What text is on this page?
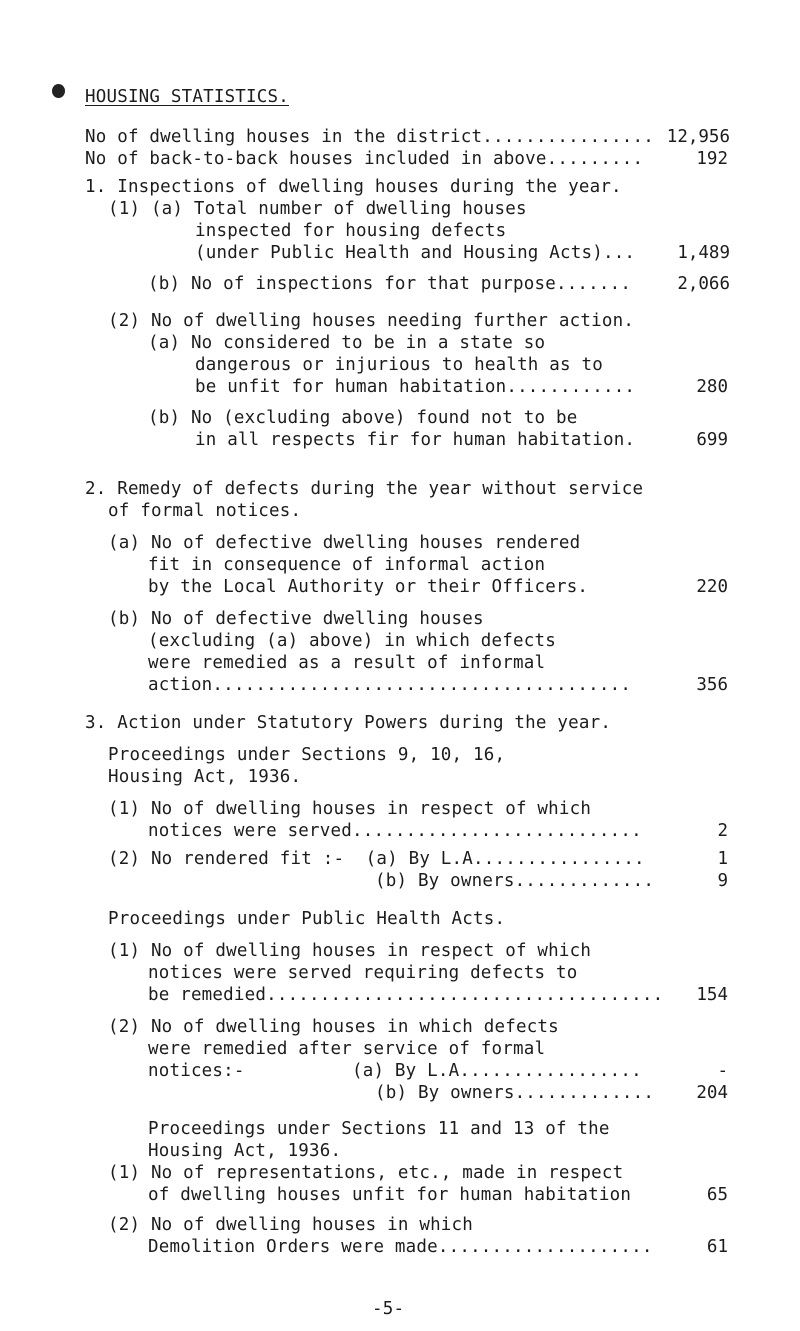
HOUSING STATISTICS.
No of dwelling houses in the district................ 12,956
No of back-to-back houses included in above.........	192
1. Inspections of dwelling houses during the year.
(1) (a) Total number of dwelling houses
inspected for housing defects
(under Public Health and Housing Acts)... 1,489
(b) No of inspections for that purpose.......	2,066
(2) No of dwelling houses needing further action.
(a) No considered to be in a state so
dangerous or injurious to health as to
be unfit for human habitation............	280
(b) No (excluding above) found not to be
in all respects fir for human habitation.	699
2. Remedy of defects during the year without service
of formal notices.
(a) No of defective dwelling houses rendered
fit in consequence of informal action
by the Local Authority or their Officers.	220
(b) No of defective dwelling houses
(excluding (a) above) in which defects
were remedied as a result of informal
action.......................................	356
3. Action under Statutory Powers during the year.
Proceedings under Sections 9, 10, 16,
Housing Act, 1936.
(1) No of dwelling houses in respect of which
notices were served...........................	2
(2) No rendered fit :-  (a) By L.A................	1
(b) By owners.............	9
Proceedings under Public Health Acts.
(1) No of dwelling houses in respect of which
notices were served requiring defects to
be remedied..................................... 154
(2) No of dwelling houses in which defects
were remedied after service of formal
notices:-          (a) By L.A.................	-
(b) By owners............. 204
Proceedings under Sections 11 and 13 of the
Housing Act, 1936.
(1) No of representations, etc., made in respect
of dwelling houses unfit for human habitation	65
(2) No of dwelling houses in which
Demolition Orders were made....................	61
-5-
